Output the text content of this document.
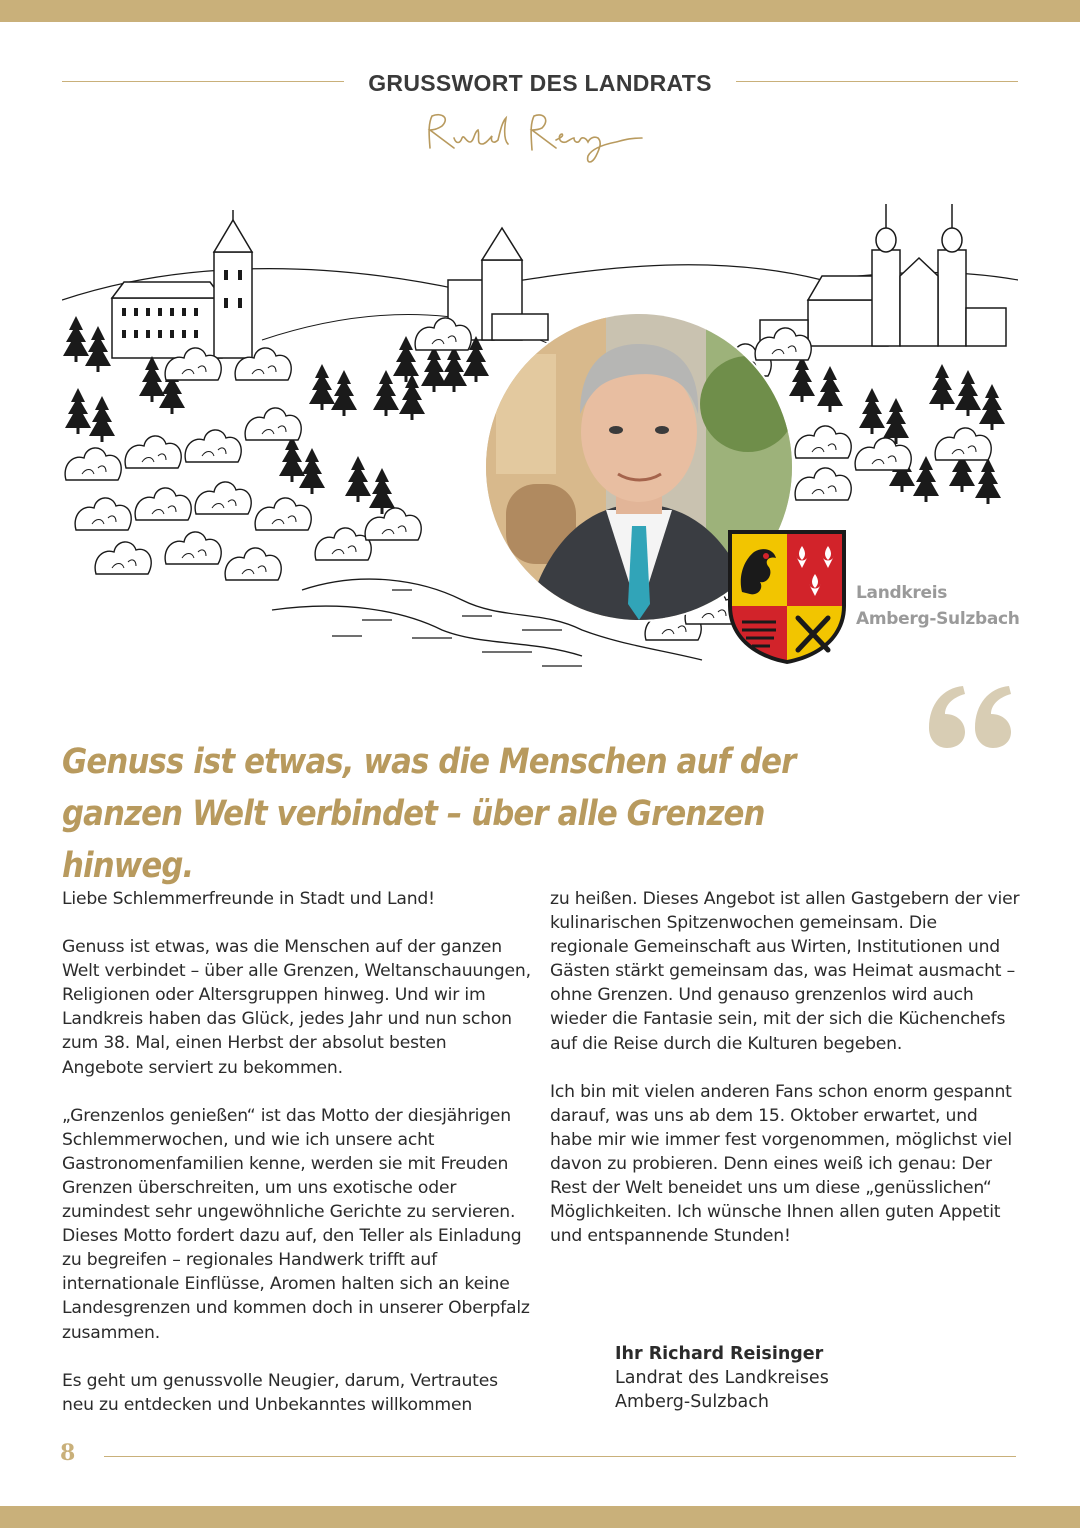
GRUSSWORT DES LANDRATS
Landkreis
Amberg-Sulzbach
Genuss ist etwas, was die Menschen auf der ganzen Welt verbindet – über alle Grenzen hinweg.

Liebe Schlemmerfreunde in Stadt und Land!

Genuss ist etwas, was die Menschen auf der ganzen Welt verbindet – über alle Grenzen, Weltanschauungen, Religionen oder Altersgruppen hinweg. Und wir im Landkreis haben das Glück, jedes Jahr und nun schon zum 38. Mal, einen Herbst der absolut besten Angebote serviert zu bekommen.

„Grenzenlos genießen“ ist das Motto der diesjährigen Schlemmerwochen, und wie ich unsere acht Gastronomenfamilien kenne, werden sie mit Freuden Grenzen überschreiten, um uns exotische oder zumindest sehr ungewöhnliche Gerichte zu servieren. Dieses Motto fordert dazu auf, den Teller als Einladung zu begreifen – regionales Handwerk trifft auf internationale Einflüsse, Aromen halten sich an keine Landesgrenzen und kommen doch in unserer Oberpfalz zusammen.

Es geht um genussvolle Neugier, darum, Vertrautes neu zu entdecken und Unbekanntes willkommen

zu heißen. Dieses Angebot ist allen Gastgebern der vier kulinarischen Spitzenwochen gemeinsam. Die regionale Gemeinschaft aus Wirten, Institutionen und Gästen stärkt gemeinsam das, was Heimat ausmacht – ohne Grenzen. Und genauso grenzenlos wird auch wieder die Fantasie sein, mit der sich die Küchenchefs auf die Reise durch die Kulturen begeben.

Ich bin mit vielen anderen Fans schon enorm gespannt darauf, was uns ab dem 15. Oktober erwartet, und habe mir wie immer fest vorgenommen, möglichst viel davon zu probieren. Denn eines weiß ich genau: Der Rest der Welt beneidet uns um diese „genüsslichen“ Möglichkeiten. Ich wünsche Ihnen allen guten Appetit und entspannende Stunden!

Ihr Richard Reisinger
Landrat des Landkreises
Amberg-Sulzbach
8
